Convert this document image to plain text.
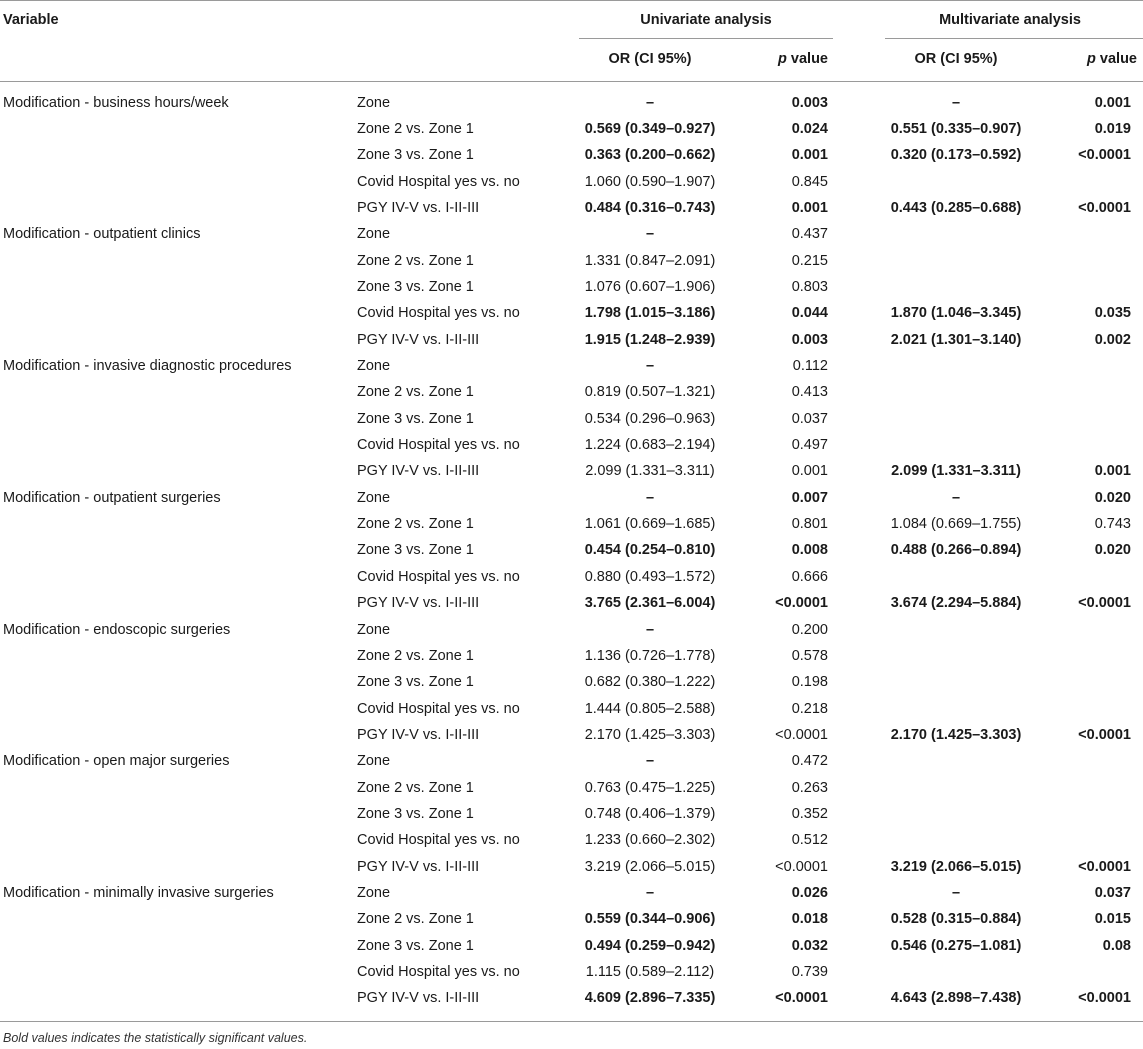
Variable	Univariate analysis	Multivariate analysis
OR (CI 95%)	p value	OR (CI 95%)	p value
Modification - business hours/week	Zone	–	0.003	–	0.001
Zone 2 vs. Zone 1	0.569 (0.349–0.927)	0.024	0.551 (0.335–0.907)	0.019
Zone 3 vs. Zone 1	0.363 (0.200–0.662)	0.001	0.320 (0.173–0.592)	<0.0001
Covid Hospital yes vs. no	1.060 (0.590–1.907)	0.845
PGY IV-V vs. I-II-III	0.484 (0.316–0.743)	0.001	0.443 (0.285–0.688)	<0.0001
Modification - outpatient clinics	Zone	–	0.437
Zone 2 vs. Zone 1	1.331 (0.847–2.091)	0.215
Zone 3 vs. Zone 1	1.076 (0.607–1.906)	0.803
Covid Hospital yes vs. no	1.798 (1.015–3.186)	0.044	1.870 (1.046–3.345)	0.035
PGY IV-V vs. I-II-III	1.915 (1.248–2.939)	0.003	2.021 (1.301–3.140)	0.002
Modification - invasive diagnostic procedures	Zone	–	0.112
Zone 2 vs. Zone 1	0.819 (0.507–1.321)	0.413
Zone 3 vs. Zone 1	0.534 (0.296–0.963)	0.037
Covid Hospital yes vs. no	1.224 (0.683–2.194)	0.497
PGY IV-V vs. I-II-III	2.099 (1.331–3.311)	0.001	2.099 (1.331–3.311)	0.001
Modification - outpatient surgeries	Zone	–	0.007	–	0.020
Zone 2 vs. Zone 1	1.061 (0.669–1.685)	0.801	1.084 (0.669–1.755)	0.743
Zone 3 vs. Zone 1	0.454 (0.254–0.810)	0.008	0.488 (0.266–0.894)	0.020
Covid Hospital yes vs. no	0.880 (0.493–1.572)	0.666
PGY IV-V vs. I-II-III	3.765 (2.361–6.004)	<0.0001	3.674 (2.294–5.884)	<0.0001
Modification - endoscopic surgeries	Zone	–	0.200
Zone 2 vs. Zone 1	1.136 (0.726–1.778)	0.578
Zone 3 vs. Zone 1	0.682 (0.380–1.222)	0.198
Covid Hospital yes vs. no	1.444 (0.805–2.588)	0.218
PGY IV-V vs. I-II-III	2.170 (1.425–3.303)	<0.0001	2.170 (1.425–3.303)	<0.0001
Modification - open major surgeries	Zone	–	0.472
Zone 2 vs. Zone 1	0.763 (0.475–1.225)	0.263
Zone 3 vs. Zone 1	0.748 (0.406–1.379)	0.352
Covid Hospital yes vs. no	1.233 (0.660–2.302)	0.512
PGY IV-V vs. I-II-III	3.219 (2.066–5.015)	<0.0001	3.219 (2.066–5.015)	<0.0001
Modification - minimally invasive surgeries	Zone	–	0.026	–	0.037
Zone 2 vs. Zone 1	0.559 (0.344–0.906)	0.018	0.528 (0.315–0.884)	0.015
Zone 3 vs. Zone 1	0.494 (0.259–0.942)	0.032	0.546 (0.275–1.081)	0.08
Covid Hospital yes vs. no	1.115 (0.589–2.112)	0.739
PGY IV-V vs. I-II-III	4.609 (2.896–7.335)	<0.0001	4.643 (2.898–7.438)	<0.0001
Bold values indicates the statistically significant values.
